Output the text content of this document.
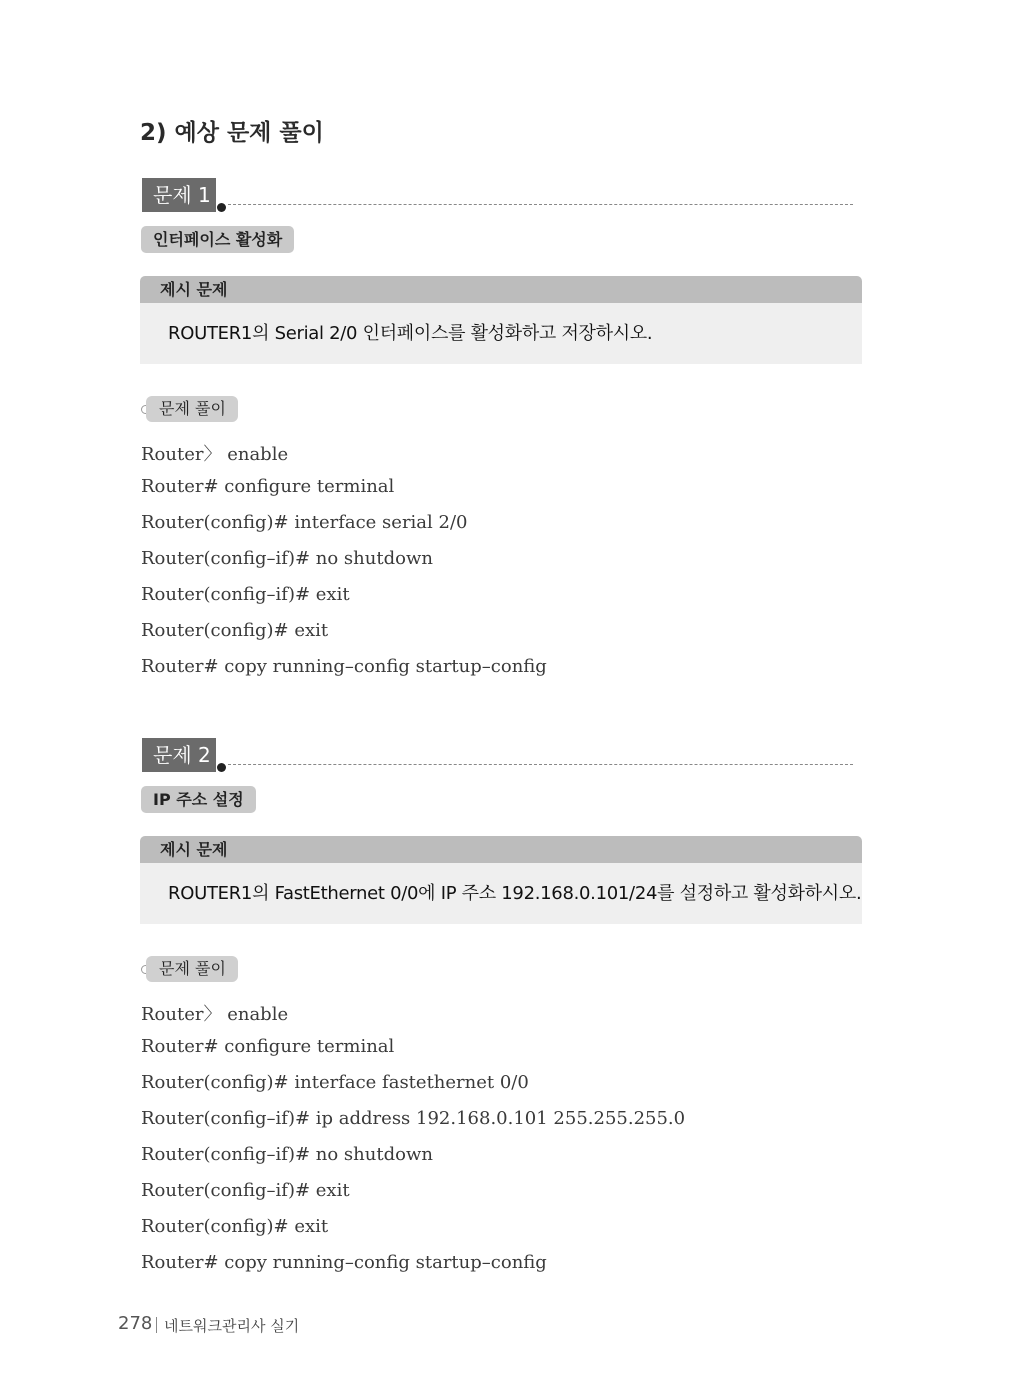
2) 예상 문제 풀이
문제 1
인터페이스 활성화
제시 문제
ROUTER1의 Serial 2/0 인터페이스를 활성화하고 저장하시오.
문제 풀이

Router〉 enable

Router# configure terminal

Router(config)# interface serial 2/0

Router(config–if)# no shutdown

Router(config–if)# exit

Router(config)# exit

Router# copy running–config startup–config

문제 2
IP 주소 설정
제시 문제
ROUTER1의 FastEthernet 0/0에 IP 주소 192.168.0.101/24를 설정하고 활성화하시오.
문제 풀이

Router〉 enable

Router# configure terminal

Router(config)# interface fastethernet 0/0

Router(config–if)# ip address 192.168.0.101 255.255.255.0

Router(config–if)# no shutdown

Router(config–if)# exit

Router(config)# exit

Router# copy running–config startup–config

278 네트워크관리사 실기
